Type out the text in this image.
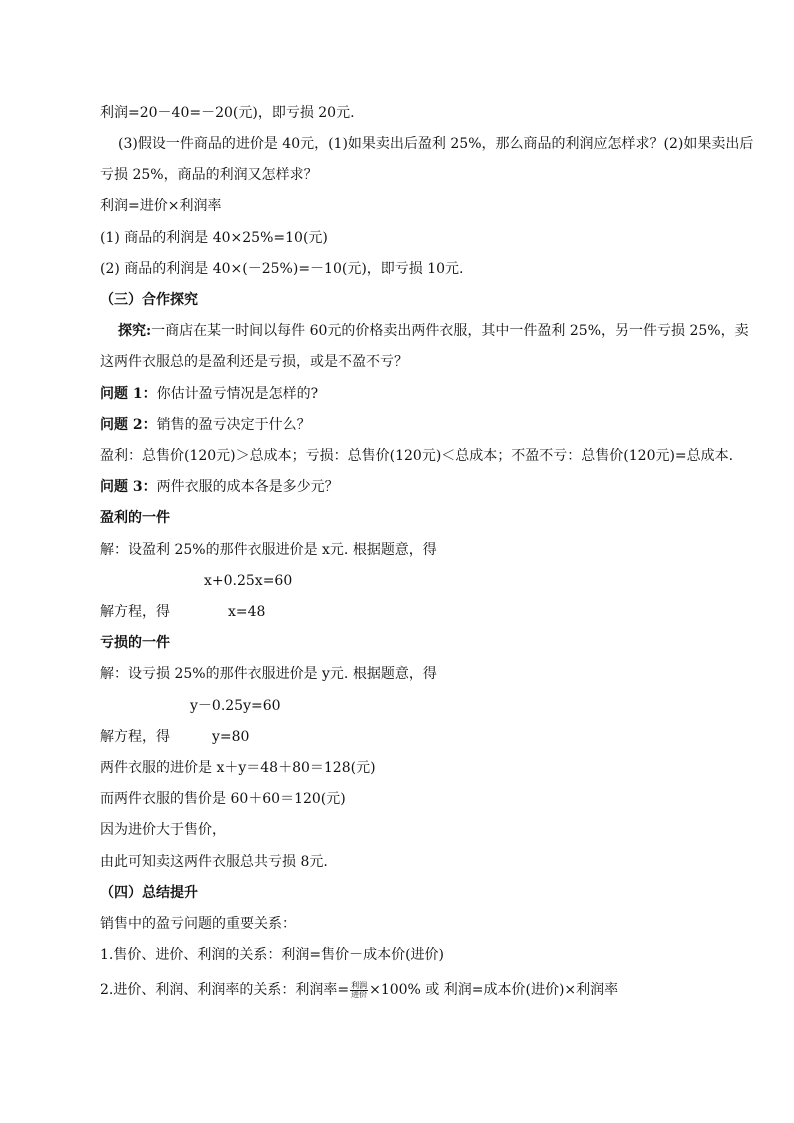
利润=20－40=－20(元)，即亏损 20元.
(3)假设一件商品的进价是 40元，(1)如果卖出后盈利 25%，那么商品的利润应怎样求？(2)如果卖出后
亏损 25%，商品的利润又怎样求？
利润=进价×利润率
(1) 商品的利润是 40×25%=10(元)
(2) 商品的利润是 40×(－25%)=－10(元)，即亏损 10元.
（三）合作探究
探究:一商店在某一时间以每件 60元的价格卖出两件衣服，其中一件盈利 25%，另一件亏损 25%，卖
这两件衣服总的是盈利还是亏损，或是不盈不亏？
问题 1：你估计盈亏情况是怎样的?
问题 2：销售的盈亏决定于什么？
盈利：总售价(120元)＞总成本；亏损：总售价(120元)＜总成本；不盈不亏：总售价(120元)=总成本.
问题 3：两件衣服的成本各是多少元？
盈利的一件
解：设盈利 25%的那件衣服进价是 x元. 根据题意，得
x+0.25x=60
解方程，得	x=48
亏损的一件
解：设亏损 25%的那件衣服进价是 y元. 根据题意，得
y－0.25y=60
解方程，得	y=80
两件衣服的进价是 x＋y＝48＋80＝128(元)
而两件衣服的售价是 60＋60＝120(元)
因为进价大于售价，
由此可知卖这两件衣服总共亏损 8元.
（四）总结提升
销售中的盈亏问题的重要关系：
1.售价、进价、利润的关系：利润=售价－成本价(进价)
2.进价、利润、利润率的关系：利润率= $\frac{\text{利润}}{\text{进价}} \times 100\%$ 或 利润=成本价(进价)×利润率
